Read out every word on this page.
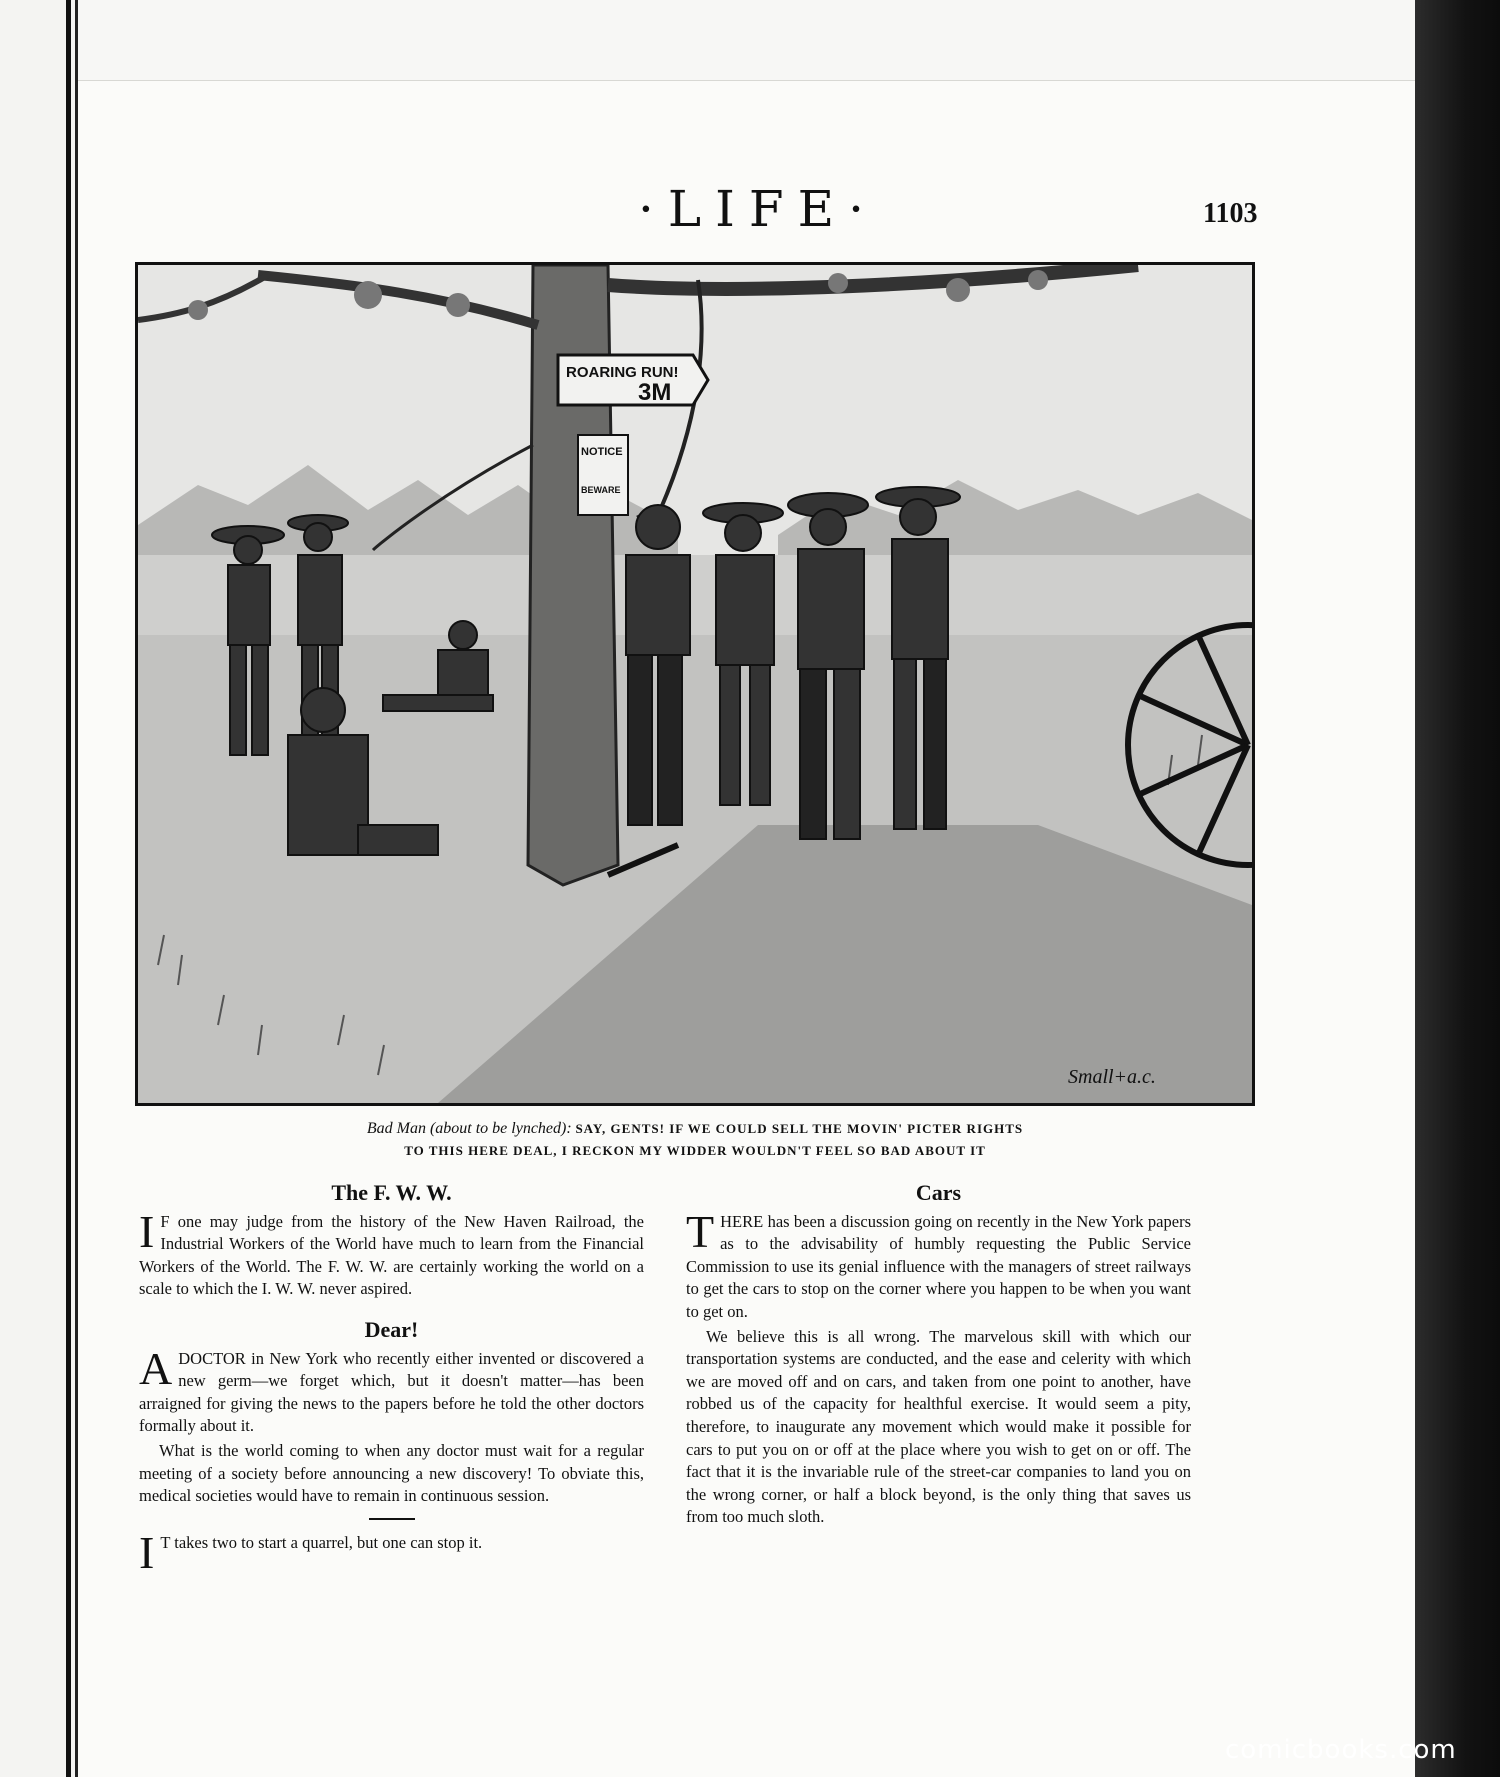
·LIFE·	1103
ROARING RUN!
3M
NOTICE
BEWARE
Small+a.c.
Bad Man (about to be lynched): SAY, GENTS! IF WE COULD SELL THE MOVIN' PICTER RIGHTS
TO THIS HERE DEAL, I RECKON MY WIDDER WOULDN'T FEEL SO BAD ABOUT IT
The F. W. W.

I F one may judge from the history of the New Haven Railroad, the Industrial Workers of the World have much to learn from the Financial Workers of the World. The F. W. W. are certainly working the world on a scale to which the I. W. W. never aspired.

Dear!

ADOCTOR in New York who recently either invented or discovered a new germ—we forget which, but it doesn't matter—has been arraigned for giving the news to the papers before he told the other doctors formally about it.

What is the world coming to when any doctor must wait for a regular meeting of a society before announcing a new discovery! To obviate this, medical societies would have to remain in continuous session.

I T takes two to start a quarrel, but one can stop it.

Cars

THERE has been a discussion going on recently in the New York papers as to the advisability of humbly requesting the Public Service Commission to use its genial influence with the managers of street railways to get the cars to stop on the corner where you happen to be when you want to get on.

We believe this is all wrong. The marvelous skill with which our transportation systems are conducted, and the ease and celerity with which we are moved off and on cars, and taken from one point to another, have robbed us of the capacity for healthful exercise. It would seem a pity, therefore, to inaugurate any movement which would make it possible for cars to put you on or off at the place where you wish to get on or off. The fact that it is the invariable rule of the street-car companies to land you on the wrong corner, or half a block beyond, is the only thing that saves us from too much sloth.

comicbooks.com
